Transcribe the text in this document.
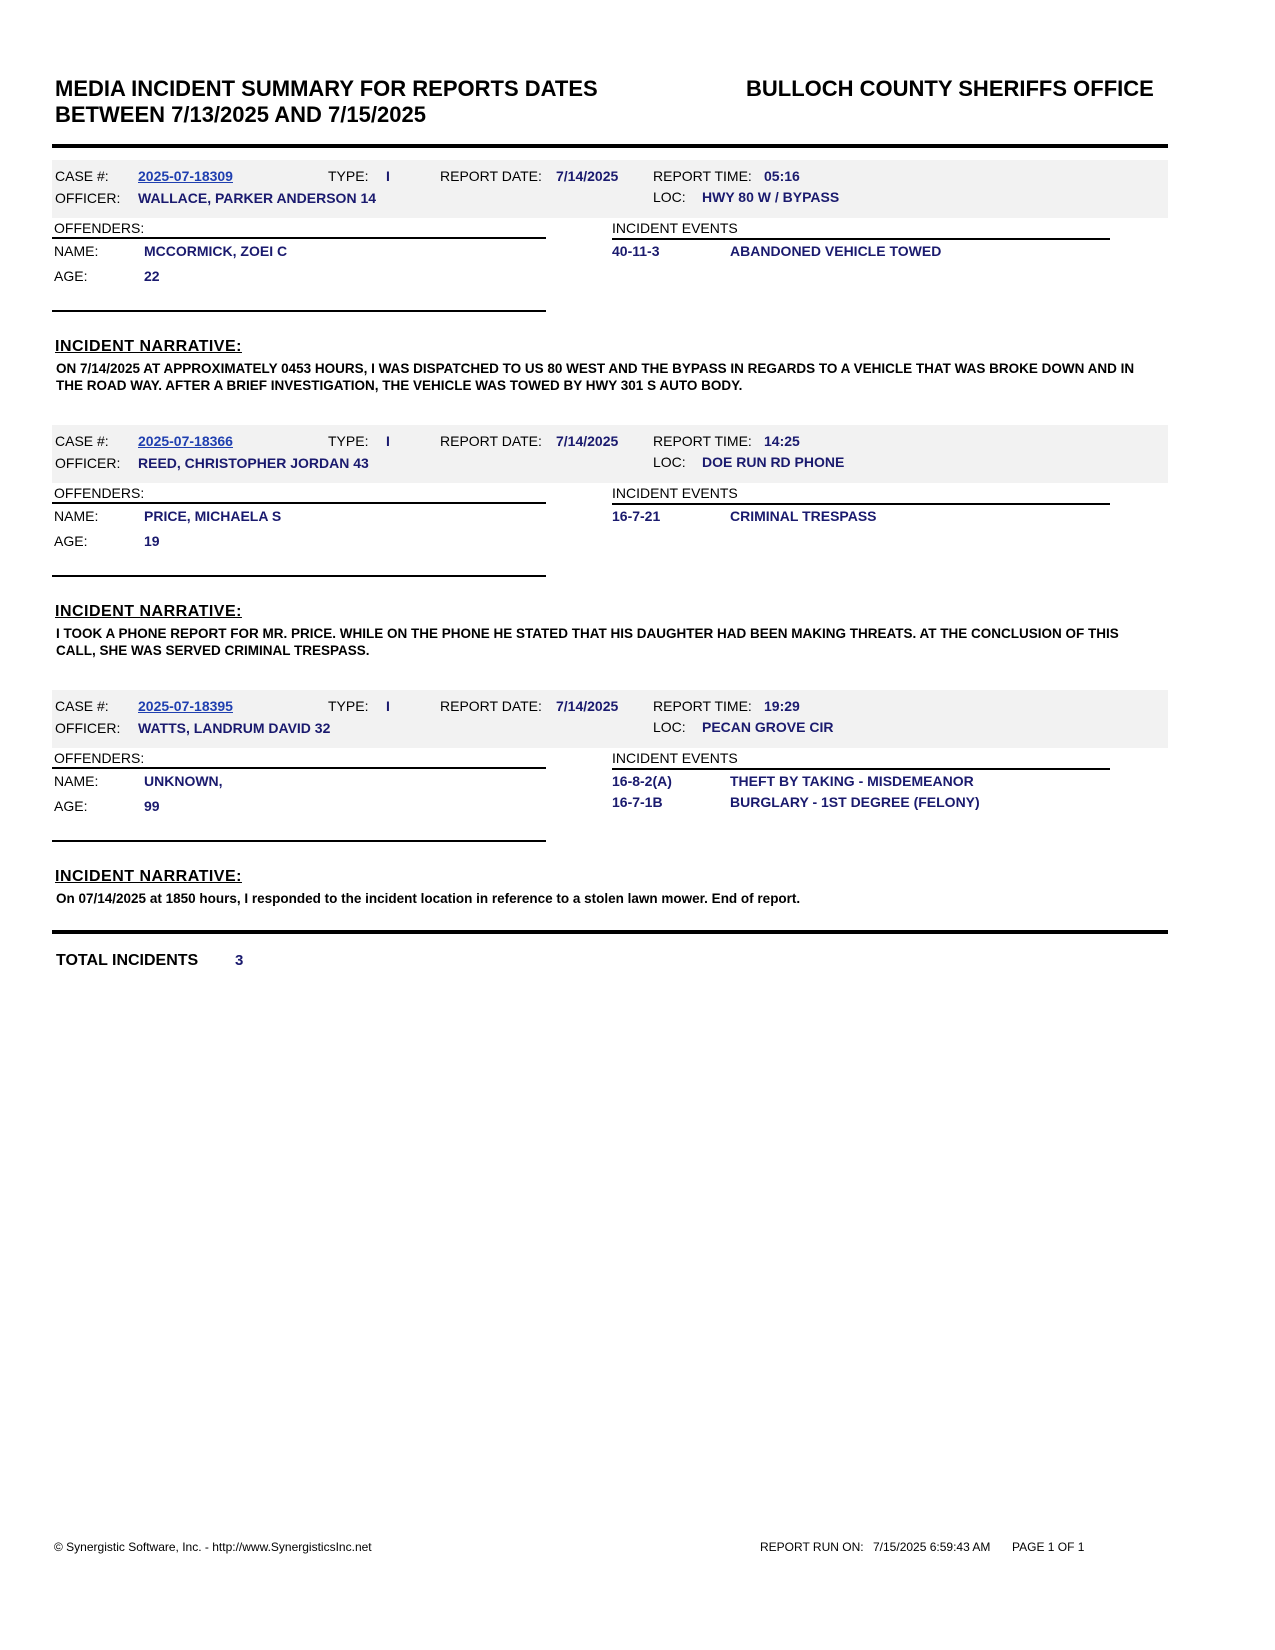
MEDIA INCIDENT SUMMARY FOR REPORTS DATES BETWEEN 7/13/2025 AND 7/15/2025
BULLOCH COUNTY SHERIFFS OFFICE
CASE #: 2025-07-18309	TYPE: I	REPORT DATE: 7/14/2025 REPORT TIME: 05:16
OFFICER: WALLACE, PARKER ANDERSON 14	LOC: HWY 80 W / BYPASS
OFFENDERS:	INCIDENT EVENTS
NAME:	MCCORMICK, ZOEI C
AGE:	22
40-11-3	ABANDONED VEHICLE TOWED
INCIDENT NARRATIVE:
ON 7/14/2025 AT APPROXIMATELY 0453 HOURS, I WAS DISPATCHED TO US 80 WEST AND THE BYPASS IN REGARDS TO A VEHICLE THAT WAS BROKE DOWN AND IN THE ROAD WAY. AFTER A BRIEF INVESTIGATION, THE VEHICLE WAS TOWED BY HWY 301 S AUTO BODY.
CASE #: 2025-07-18366	TYPE: I	REPORT DATE: 7/14/2025 REPORT TIME: 14:25
OFFICER: REED, CHRISTOPHER JORDAN 43	LOC: DOE RUN RD PHONE
OFFENDERS:	INCIDENT EVENTS
NAME:	PRICE, MICHAELA S
AGE:	19
16-7-21	CRIMINAL TRESPASS
INCIDENT NARRATIVE:
I TOOK A PHONE REPORT FOR MR. PRICE. WHILE ON THE PHONE HE STATED THAT HIS DAUGHTER HAD BEEN MAKING THREATS. AT THE CONCLUSION OF THIS CALL, SHE WAS SERVED CRIMINAL TRESPASS.
CASE #: 2025-07-18395	TYPE: I	REPORT DATE: 7/14/2025 REPORT TIME: 19:29
OFFICER: WATTS, LANDRUM DAVID 32	LOC: PECAN GROVE CIR
OFFENDERS:	INCIDENT EVENTS
NAME:	UNKNOWN,
AGE:	99
16-8-2(A)	THEFT BY TAKING - MISDEMEANOR
16-7-1B	BURGLARY - 1ST DEGREE (FELONY)
INCIDENT NARRATIVE:
On 07/14/2025 at 1850 hours, I responded to the incident location in reference to a stolen lawn mower. End of report.
TOTAL INCIDENTS 3
© Synergistic Software, Inc. - http://www.SynergisticsInc.net	REPORT RUN ON: 7/15/2025 6:59:43 AM PAGE 1 OF 1
